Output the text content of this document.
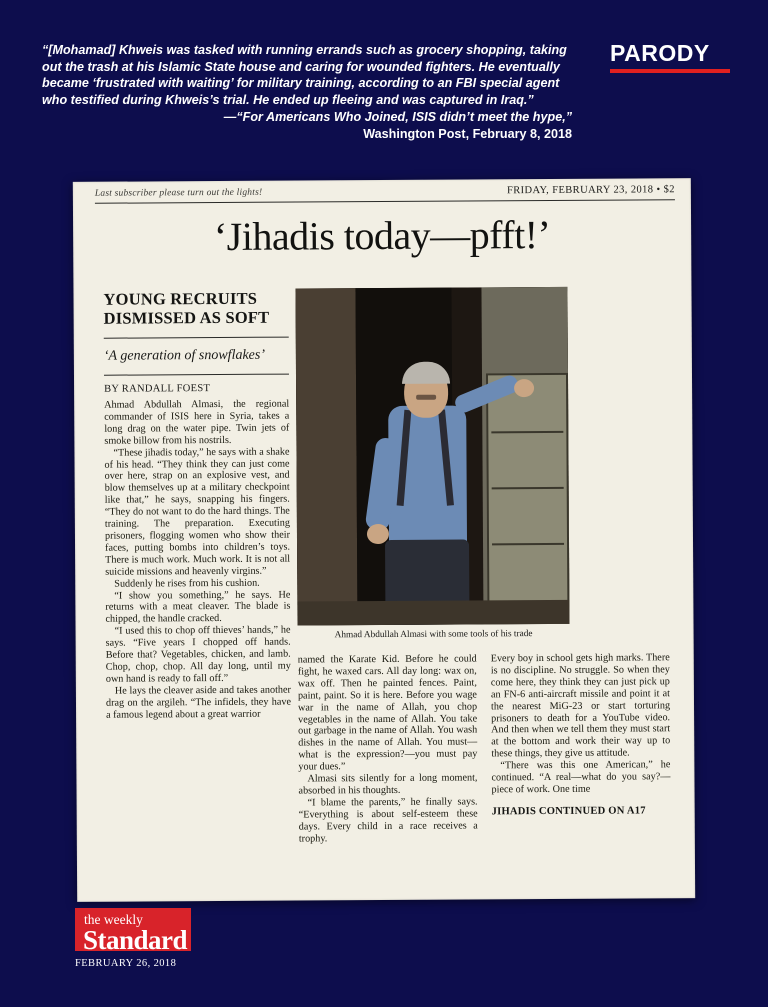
“[Mohamad] Khweis was tasked with running errands such as grocery shopping, taking out the trash at his Islamic State house and caring for wounded fighters. He eventually became ‘frustrated with waiting’ for military training, according to an FBI special agent who testified during Khweis’s trial. He ended up fleeing and was captured in Iraq.”
—“For Americans Who Joined, ISIS didn’t meet the hype,”
Washington Post, February 8, 2018
PARODY
Last subscriber please turn out the lights!	FRIDAY, FEBRUARY 23, 2018 • $2
‘Jihadis today—pfft!’
YOUNG RECRUITS DISMISSED AS SOFT
‘A generation of snowflakes’
BY RANDALL FOEST

Ahmad Abdullah Almasi, the regional commander of ISIS here in Syria, takes a long drag on the water pipe. Twin jets of smoke billow from his nostrils.

“These jihadis today,” he says with a shake of his head. “They think they can just come over here, strap on an explosive vest, and blow themselves up at a military checkpoint like that,” he says, snapping his fingers. “They do not want to do the hard things. The training. The preparation. Executing prisoners, flogging women who show their faces, putting bombs into children’s toys. There is much work. Much work. It is not all suicide missions and heavenly virgins.”

Suddenly he rises from his cushion.

“I show you something,” he says. He returns with a meat cleaver. The blade is chipped, the handle cracked.

“I used this to chop off thieves’ hands,” he says. “Five years I chopped off hands. Before that? Vegetables, chicken, and lamb. Chop, chop, chop. All day long, until my own hand is ready to fall off.”

He lays the cleaver aside and takes another drag on the argileh. “The infidels, they have a famous legend about a great warrior

Ahmad Abdullah Almasi with some tools of his trade

named the Karate Kid. Before he could fight, he waxed cars. All day long: wax on, wax off. Then he painted fences. Paint, paint, paint. So it is here. Before you wage war in the name of Allah, you chop vegetables in the name of Allah. You take out garbage in the name of Allah. You wash dishes in the name of Allah. You must—what is the expression?—you must pay your dues.”

Almasi sits silently for a long moment, absorbed in his thoughts.

“I blame the parents,” he finally says. “Everything is about self-esteem these days. Every child in a race receives a trophy.

Every boy in school gets high marks. There is no discipline. No struggle. So when they come here, they think they can just pick up an FN-6 anti-aircraft missile and point it at the nearest MiG-23 or start torturing prisoners to death for a YouTube video. And then when we tell them they must start at the bottom and work their way up to these things, they give us attitude.

“There was this one American,” he continued. “A real—what do you say?—piece of work. One time

JIHADIS CONTINUED ON A17
the weekly
Standard
FEBRUARY 26, 2018
